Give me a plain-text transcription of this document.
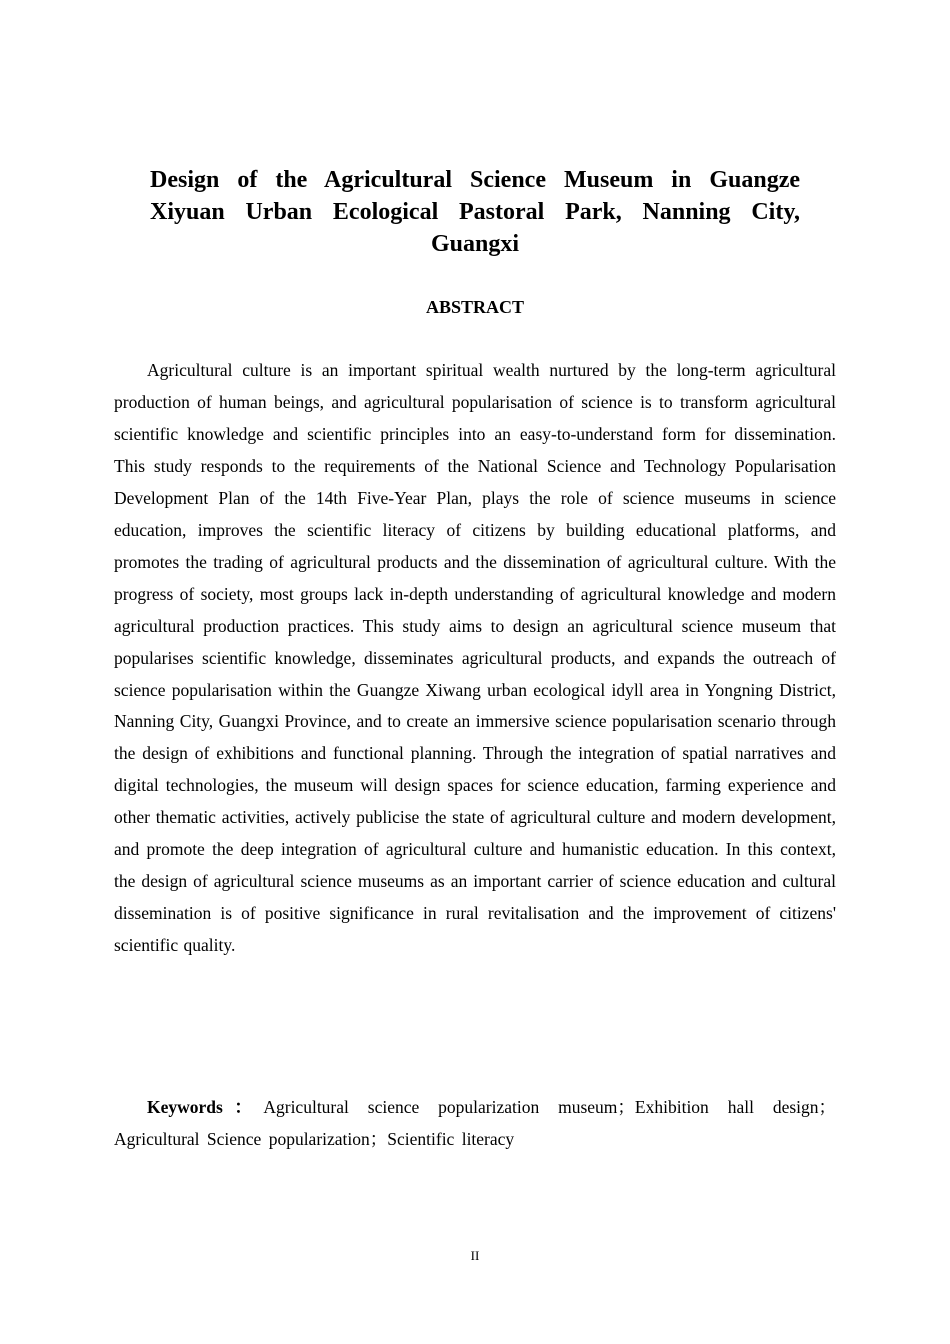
Design of the Agricultural Science Museum in Guangze Xiyuan Urban Ecological Pastoral Park, Nanning City, Guangxi
ABSTRACT

Agricultural culture is an important spiritual wealth nurtured by the long-term agricultural production of human beings, and agricultural popularisation of science is to transform agricultural scientific knowledge and scientific principles into an easy-to-understand form for dissemination. This study responds to the requirements of the National Science and Technology Popularisation Development Plan of the 14th Five-Year Plan, plays the role of science museums in science education, improves the scientific literacy of citizens by building educational platforms, and promotes the trading of agricultural products and the dissemination of agricultural culture. With the progress of society, most groups lack in-depth understanding of agricultural knowledge and modern agricultural production practices. This study aims to design an agricultural science museum that popularises scientific knowledge, disseminates agricultural products, and expands the outreach of science popularisation within the Guangze Xiwang urban ecological idyll area in Yongning District, Nanning City, Guangxi Province, and to create an immersive science popularisation scenario through the design of exhibitions and functional planning. Through the integration of spatial narratives and digital technologies, the museum will design spaces for science education, farming experience and other thematic activities, actively publicise the state of agricultural culture and modern development, and promote the deep integration of agricultural culture and humanistic education. In this context, the design of agricultural science museums as an important carrier of science education and cultural dissemination is of positive significance in rural revitalisation and the improvement of citizens' scientific quality.

Keywords：Agricultural science popularization museum；Exhibition hall design；Agricultural Science popularization；Scientific literacy

II
